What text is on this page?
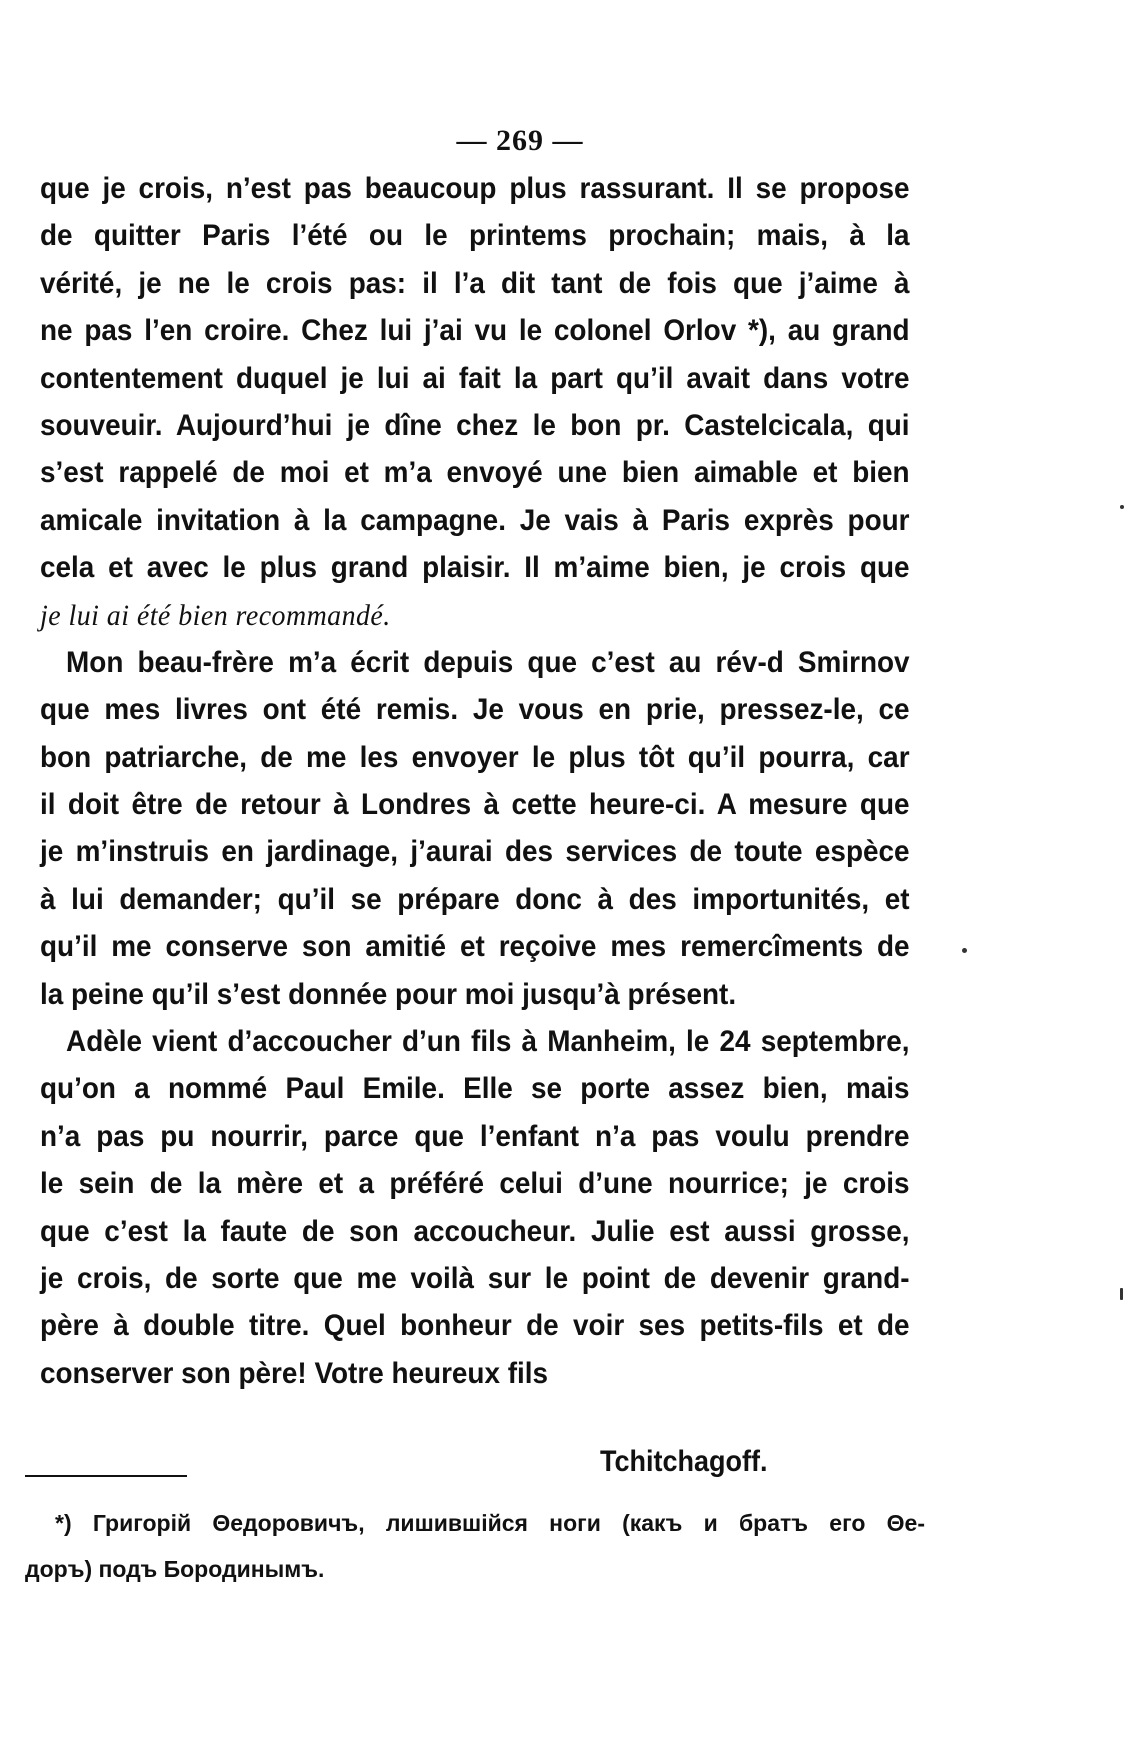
— 269 —
que je crois, n’est pas beaucoup plus rassurant. Il se propose
de quitter Paris l’été ou le printems prochain; mais, à la
vérité, je ne le crois pas: il l’a dit tant de fois que j’aime à
ne pas l’en croire. Chez lui j’ai vu le colonel Orlov *), au grand
contentement duquel je lui ai fait la part qu’il avait dans votre
souveuir. Aujourd’hui je dîne chez le bon pr. Castelcicala, qui
s’est rappelé de moi et m’a envoyé une bien aimable et bien
amicale invitation à la campagne. Je vais à Paris exprès pour
cela et avec le plus grand plaisir. Il m’aime bien, je crois que
je lui ai été bien recommandé.
Mon beau-frère m’a écrit depuis que c’est au rév-d Smirnov
que mes livres ont été remis. Je vous en prie, pressez-le, ce
bon patriarche, de me les envoyer le plus tôt qu’il pourra, car
il doit être de retour à Londres à cette heure-ci. A mesure que
je m’instruis en jardinage, j’aurai des services de toute espèce
à lui demander; qu’il se prépare donc à des importunités, et
qu’il me conserve son amitié et reçoive mes remercîments de
la peine qu’il s’est donnée pour moi jusqu’à présent.
Adèle vient d’accoucher d’un fils à Manheim, le 24 septembre,
qu’on a nommé Paul Emile. Elle se porte assez bien, mais
n’a pas pu nourrir, parce que l’enfant n’a pas voulu prendre
le sein de la mère et a préféré celui d’une nourrice; je crois
que c’est la faute de son accoucheur. Julie est aussi grosse,
je crois, de sorte que me voilà sur le point de devenir grand-
père à double titre. Quel bonheur de voir ses petits-fils et de
conserver son père! Votre heureux fils
Tchitchagoff.
*) Григорій Θедоровичъ, лишившійся ноги (какъ и братъ его Θе-
доръ) подъ Бородинымъ.
